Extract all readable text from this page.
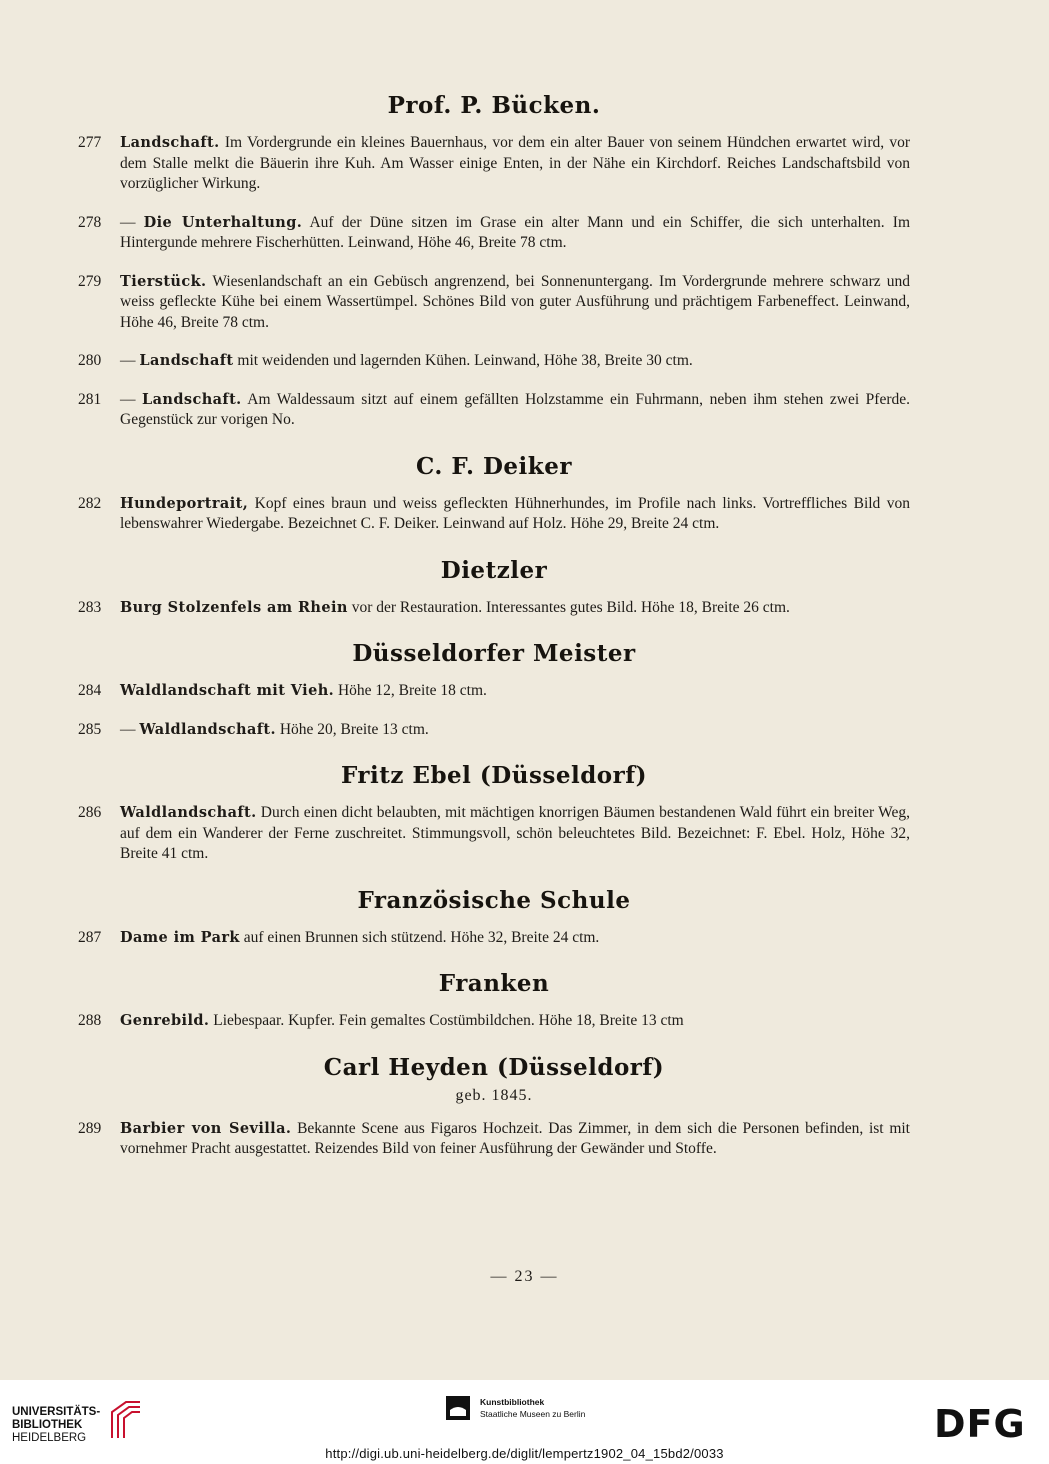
Prof. P. Bücken.

277	Landschaft. Im Vordergrunde ein kleines Bauernhaus, vor dem ein alter Bauer von seinem Hündchen erwartet wird, vor dem Stalle melkt die Bäuerin ihre Kuh. Am Wasser einige Enten, in der Nähe ein Kirchdorf. Reiches Landschaftsbild von vorzüglicher Wirkung.

278	— Die Unterhaltung. Auf der Düne sitzen im Grase ein alter Mann und ein Schiffer, die sich unterhalten. Im Hintergunde mehrere Fischerhütten. Leinwand, Höhe 46, Breite 78 ctm.

279	Tierstück. Wiesenlandschaft an ein Gebüsch angrenzend, bei Sonnenuntergang. Im Vordergrunde mehrere schwarz und weiss gefleckte Kühe bei einem Wassertümpel. Schönes Bild von guter Ausführung und prächtigem Farbeneffect. Leinwand, Höhe 46, Breite 78 ctm.

280	— Landschaft mit weidenden und lagernden Kühen. Leinwand, Höhe 38, Breite 30 ctm.

281	— Landschaft. Am Waldessaum sitzt auf einem gefällten Holzstamme ein Fuhrmann, neben ihm stehen zwei Pferde. Gegenstück zur vorigen No.

C. F. Deiker

282	Hundeportrait, Kopf eines braun und weiss gefleckten Hühnerhundes, im Profile nach links. Vortreffliches Bild von lebenswahrer Wiedergabe. Bezeichnet C. F. Deiker. Leinwand auf Holz. Höhe 29, Breite 24 ctm.

Dietzler

283	Burg Stolzenfels am Rhein vor der Restauration. Interessantes gutes Bild. Höhe 18, Breite 26 ctm.

Düsseldorfer Meister

284	Waldlandschaft mit Vieh. Höhe 12, Breite 18 ctm.

285	— Waldlandschaft. Höhe 20, Breite 13 ctm.

Fritz Ebel (Düsseldorf)

286	Waldlandschaft. Durch einen dicht belaubten, mit mächtigen knorrigen Bäumen bestandenen Wald führt ein breiter Weg, auf dem ein Wanderer der Ferne zuschreitet. Stimmungsvoll, schön beleuchtetes Bild. Bezeichnet: F. Ebel. Holz, Höhe 32, Breite 41 ctm.

Französische Schule

287	Dame im Park auf einen Brunnen sich stützend. Höhe 32, Breite 24 ctm.

Franken

288	Genrebild. Liebespaar. Kupfer. Fein gemaltes Costümbildchen. Höhe 18, Breite 13 ctm

Carl Heyden (Düsseldorf)

geb. 1845.

289	Barbier von Sevilla. Bekannte Scene aus Figaros Hochzeit. Das Zimmer, in dem sich die Personen befinden, ist mit vornehmer Pracht ausgestattet. Reizendes Bild von feiner Ausführung der Gewänder und Stoffe.

— 23 —
UNIVERSITÄTS-
BIBLIOTHEK
HEIDELBERG
Kunstbibliothek
Staatliche Museen zu Berlin	DFG
http://digi.ub.uni-heidelberg.de/diglit/lempertz1902_04_15bd2/0033
